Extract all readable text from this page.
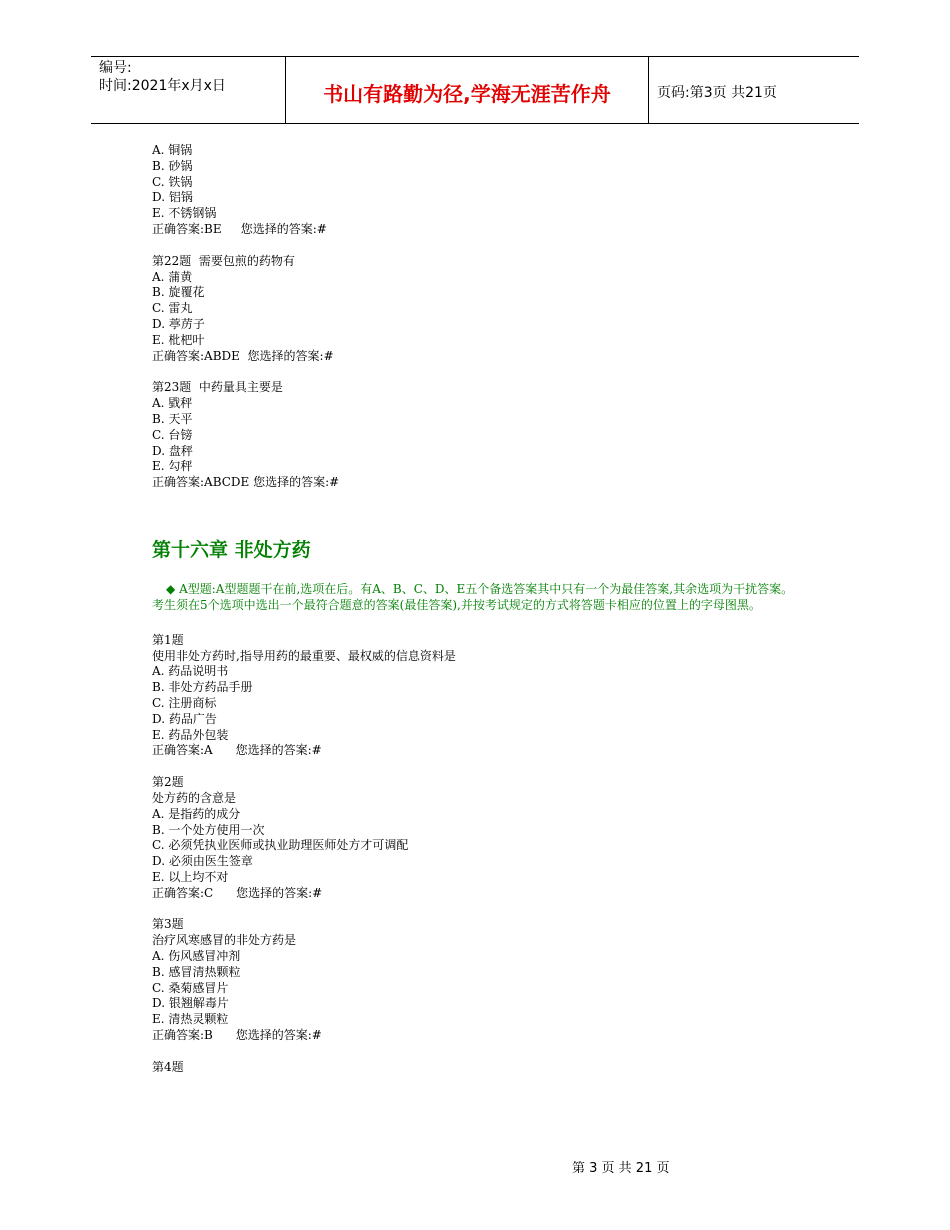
编号:
时间:2021年x月x日	书山有路勤为径,学海无涯苦作舟	页码:第3页 共21页
A. 铜锅
B. 砂锅
C. 铁锅
D. 铝锅
E. 不锈钢锅
正确答案:BE     您选择的答案:#
第22题  需要包煎的药物有
A. 蒲黄
B. 旋覆花
C. 雷丸
D. 葶苈子
E. 枇杷叶
正确答案:ABDE  您选择的答案:#
第23题  中药量具主要是
A. 戥秤
B. 天平
C. 台镑
D. 盘秤
E. 勾秤
正确答案:ABCDE 您选择的答案:#
第十六章 非处方药
◆ A型题:A型题题干在前,选项在后。有A、B、C、D、E五个备选答案其中只有一个为最佳答案,其余选项为干扰答案。考生须在5个选项中选出一个最符合题意的答案(最佳答案),并按考试规定的方式将答题卡相应的位置上的字母图黑。
第1题
使用非处方药时,指导用药的最重要、最权威的信息资料是
A. 药品说明书
B. 非处方药品手册
C. 注册商标
D. 药品广告
E. 药品外包装
正确答案:A      您选择的答案:#
第2题
处方药的含意是
A. 是指药的成分
B. 一个处方使用一次
C. 必须凭执业医师或执业助理医师处方才可调配
D. 必须由医生签章
E. 以上均不对
正确答案:C      您选择的答案:#
第3题
治疗风寒感冒的非处方药是
A. 伤风感冒冲剂
B. 感冒清热颗粒
C. 桑菊感冒片
D. 银翘解毒片
E. 清热灵颗粒
正确答案:B      您选择的答案:#
第4题
第 3 页 共 21 页
